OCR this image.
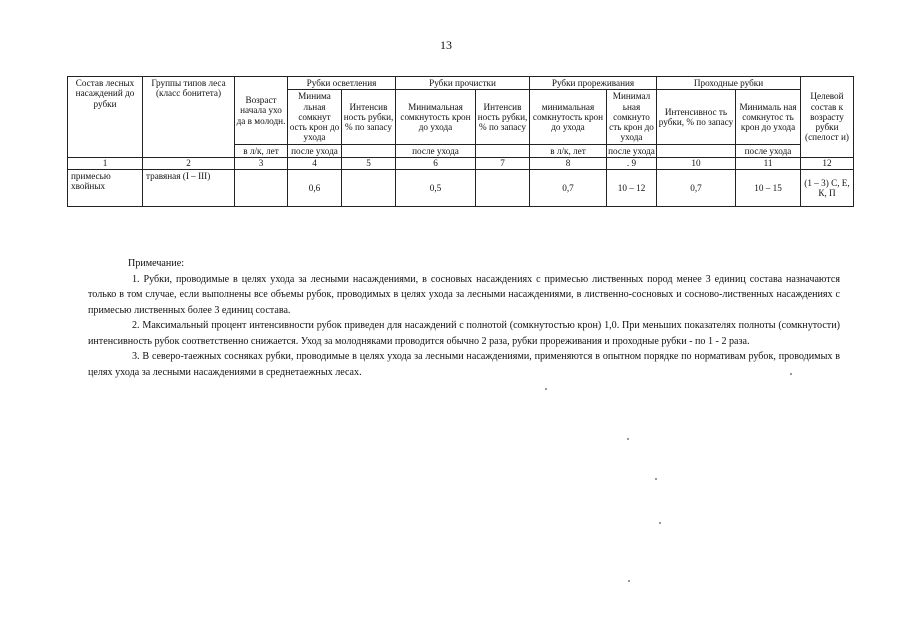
13
Состав лесных насаждений до рубки	Группы типов леса (класс бонитета)	Возраст начала ухо да в молодн.	Рубки осветления		Рубки прочистки		Рубки прореживания		Проходные рубки		Целевой состав к возрасту рубки (спелост и)
			Минима льная сомкнут ость крон до ухода	Интенсив ность рубки, % по запасу	Минимальная сомкнутость крон до ухода	Интенсив ность рубки, % по запасу	минимальная сомкнутость крон до ухода	Минимал ьная сомкнуто сть крон до ухода	Интенсивнос ть рубки, % по запасу	Минималь ная сомкнутос ть крон до ухода	
		в л/к, лет	после ухода		после ухода		в л/к, лет	после ухода		после ухода	
1	2	3	4	5	6	7	8	. 9	10	11	12
примесью хвойных	травяная (I – III)		0,6		0,5		0,7	10 – 12	0,7	10 – 15	(1 – 3) С, Е, К, П

Примечание:

1. Рубки, проводимые в целях ухода за лесными насаждениями, в сосновых насаждениях с примесью лиственных пород менее 3 единиц состава назначаются только в том случае, если выполнены все объемы рубок, проводимых в целях ухода за лесными насаждениями, в лиственно-сосновых и сосново-лиственных насаждениях с примесью лиственных более 3 единиц состава.

2. Максимальный процент интенсивности рубок приведен для насаждений с полнотой (сомкнутостью крон) 1,0. При меньших показателях полноты (сомкнутости) интенсивность рубок соответственно снижается. Уход за молодняками проводится обычно 2 раза, рубки прореживания и проходные рубки - по 1 - 2 раза.

3. В северо-таежных сосняках рубки, проводимые в целях ухода за лесными насаждениями, применяются в опытном порядке по нормативам рубок, проводимых в целях ухода за лесными насаждениями в среднетаежных лесах.
